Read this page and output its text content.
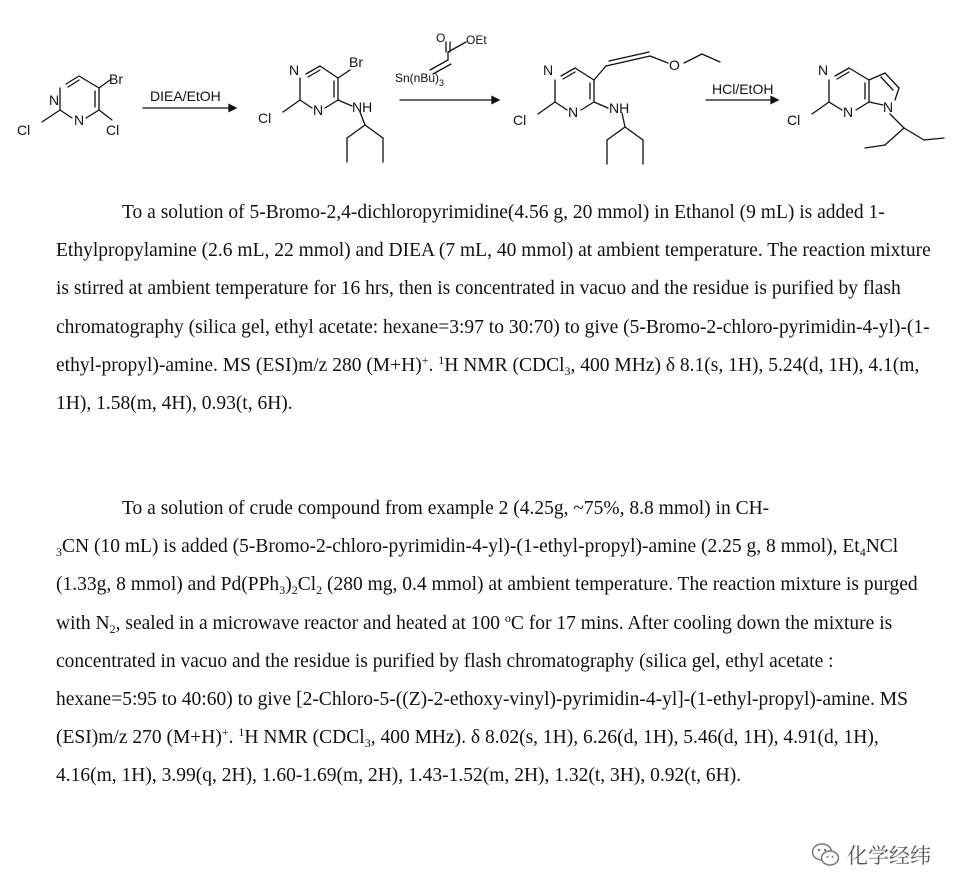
Br
N
N
Cl	Cl
DIEA/EtOH
Br
N
N
Cl
NH
O OEt
$Sn(nBu)_3$
N
N
Cl
NH
O
HCl/EtOH
N
N N
Cl

To a solution of 5-Bromo-2,4-dichloropyrimidine(4.56 g, 20 mmol) in Ethanol (9 mL) is added 1-Ethylpropylamine (2.6 mL, 22 mmol) and DIEA (7 mL, 40 mmol) at ambient temperature. The reaction mixture is stirred at ambient temperature for 16 hrs, then is concentrated in vacuo and the residue is purified by flash chromatography (silica gel, ethyl acetate: hexane=3:97 to 30:70) to give (5-Bromo-2-chloro-pyrimidin-4-yl)-(1-ethyl-propyl)-amine. MS (ESI)m/z 280 (M+H)+. $^1$H NMR (CDCl$_3$, 400 MHz) δ 8.1(s, 1H), 5.24(d, 1H), 4.1(m, 1H), 1.58(m, 4H), 0.93(t, 6H).

To a solution of crude compound from example 2 (4.25g, ~75%, 8.8 mmol) in CH-
$_3$CN (10 mL) is added (5-Bromo-2-chloro-pyrimidin-4-yl)-(1-ethyl-propyl)-amine (2.25 g, 8 mmol), $Et_4NCl$ (1.33g, 8 mmol) and $Pd(PPh_3)_2Cl_2$ (280 mg, 0.4 mmol) at ambient temperature. The reaction mixture is purged with $N_2$, sealed in a microwave reactor and heated at 100 $^o$C for 17 mins. After cooling down the mixture is concentrated in vacuo and the residue is purified by flash chromatography (silica gel, ethyl acetate : hexane=5:95 to 40:60) to give [2-Chloro-5-((Z)-2-ethoxy-vinyl)-pyrimidin-4-yl]-(1-ethyl-propyl)-amine. MS (ESI)m/z 270 (M+H)+. $^1$H NMR (CDCl$_3$, 400 MHz). δ 8.02(s, 1H), 6.26(d, 1H), 5.46(d, 1H), 4.91(d, 1H), 4.16(m, 1H), 3.99(q, 2H), 1.60-1.69(m, 2H), 1.43-1.52(m, 2H), 1.32(t, 3H), 0.92(t, 6H).

化学经纬
